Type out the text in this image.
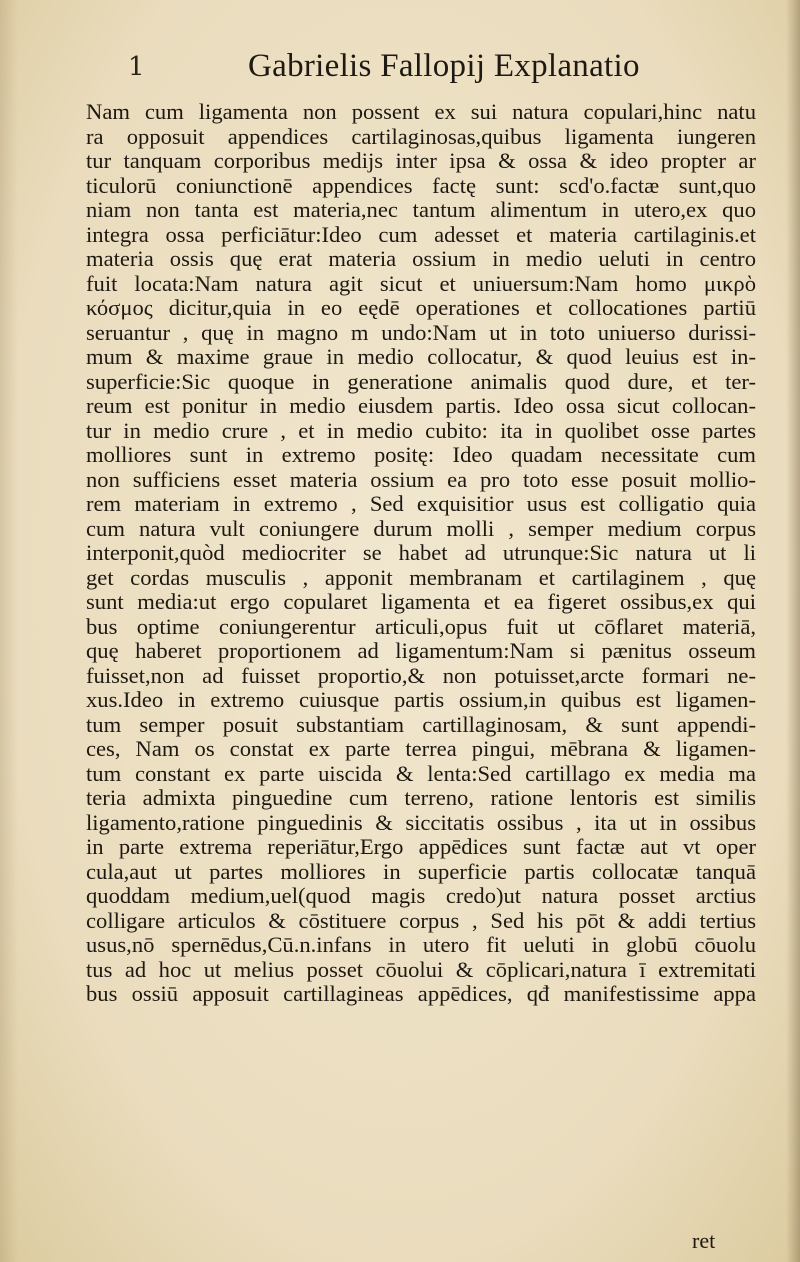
1	Gabrielis Fallopij Explanatio
Nam cum ligamenta non possent ex sui natura copulari,hinc natu
ra opposuit appendices cartilaginosas,quibus ligamenta iungeren
tur tanquam corporibus medijs inter ipsa & ossa & ideo propter ar
ticulorū coniunctionē appendices factę sunt: scd'o.factæ sunt,quo
niam non tanta est materia,nec tantum alimentum in utero,ex quo
integra ossa perficiātur:Ideo cum adesset et materia cartilaginis.et
materia ossis quę erat materia ossium in medio ueluti in centro
fuit locata:Nam natura agit sicut et uniuersum:Nam homo μικρὸ
κόσμος dicitur,quia in eo eędē operationes et collocationes partiū
seruantur , quę in magno m undo:Nam ut in toto uniuerso durissi-
mum & maxime graue in medio collocatur, & quod leuius est in-
superficie:Sic quoque in generatione animalis quod dure, et ter-
reum est ponitur in medio eiusdem partis. Ideo ossa sicut collocan-
tur in medio crure , et in medio cubito: ita in quolibet osse partes
molliores sunt in extremo positę: Ideo quadam necessitate cum
non sufficiens esset materia ossium ea pro toto esse posuit mollio-
rem materiam in extremo , Sed exquisitior usus est colligatio quia
cum natura vult coniungere durum molli , semper medium corpus
interponit,quòd mediocriter se habet ad utrunque:Sic natura ut li
get cordas musculis , apponit membranam et cartilaginem , quę
sunt media:ut ergo copularet ligamenta et ea figeret ossibus,ex qui
bus optime coniungerentur articuli,opus fuit ut cōflaret materiā,
quę haberet proportionem ad ligamentum:Nam si pænitus osseum
fuisset,non ad fuisset proportio,& non potuisset,arcte formari ne-
xus.Ideo in extremo cuiusque partis ossium,in quibus est ligamen-
tum semper posuit substantiam cartillaginosam, & sunt appendi-
ces, Nam os constat ex parte terrea pingui, mēbrana & ligamen-
tum constant ex parte uiscida & lenta:Sed cartillago ex media ma
teria admixta pinguedine cum terreno, ratione lentoris est similis
ligamento,ratione pinguedinis & siccitatis ossibus , ita ut in ossibus
in parte extrema reperiātur,Ergo appēdices sunt factæ aut vt oper
cula,aut ut partes molliores in superficie partis collocatæ tanquā
quoddam medium,uel(quod magis credo)ut natura posset arctius
colligare articulos & cōstituere corpus , Sed his pōt & addi tertius
usus,nō spernēdus,Cū.n.infans in utero fit ueluti in globū cōuolu
tus ad hoc ut melius posset cōuolui & cōplicari,natura ī extremitati
bus ossiū apposuit cartillagineas appēdices, qđ manifestissime appa
ret
